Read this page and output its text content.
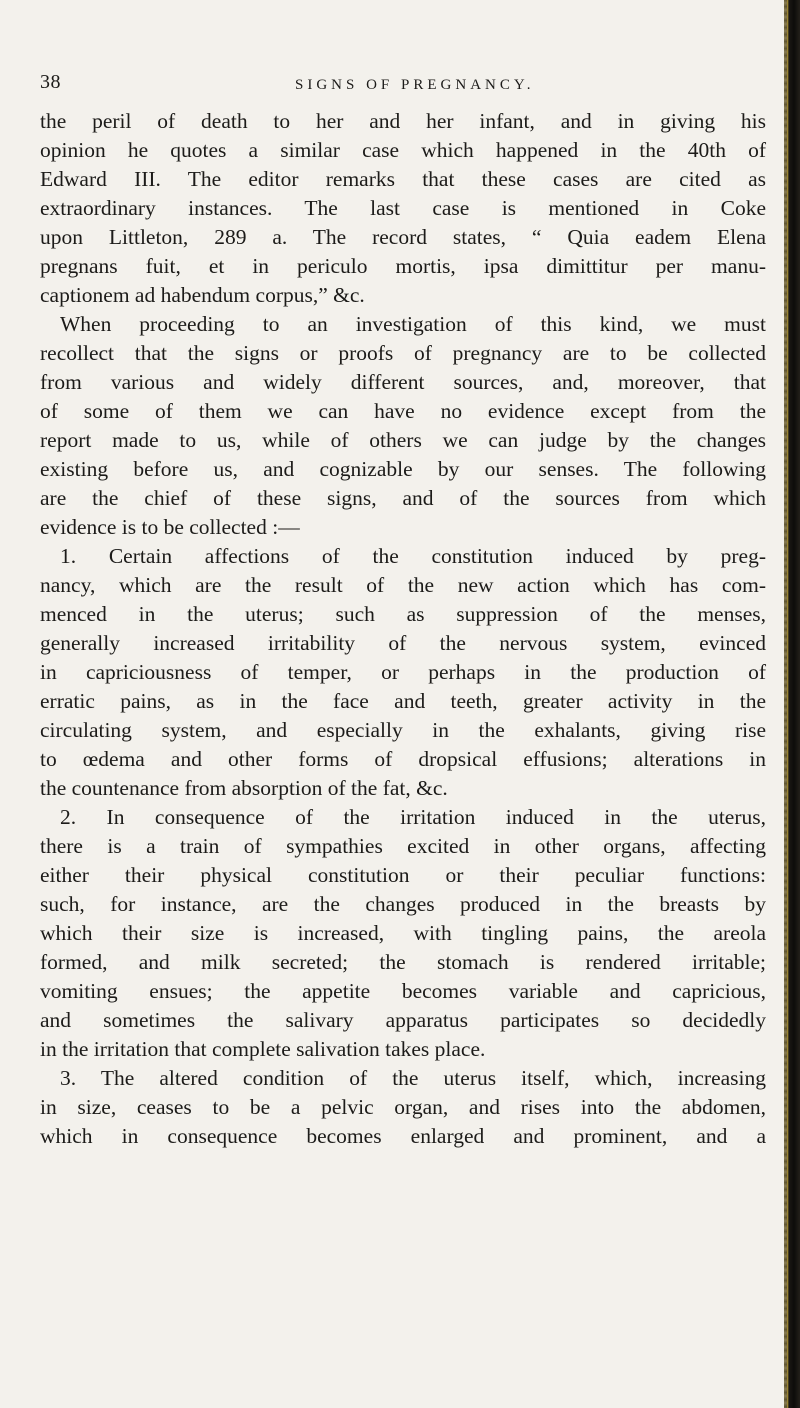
38	SIGNS OF PREGNANCY.
the peril of death to her and her infant, and in giving his
opinion he quotes a similar case which happened in the 40th of
Edward III. The editor remarks that these cases are cited as
extraordinary instances. The last case is mentioned in Coke
upon Littleton, 289 a. The record states, “ Quia eadem Elena
pregnans fuit, et in periculo mortis, ipsa dimittitur per manu-
captionem ad habendum corpus,” &c.
When proceeding to an investigation of this kind, we must
recollect that the signs or proofs of pregnancy are to be collected
from various and widely different sources, and, moreover, that
of some of them we can have no evidence except from the
report made to us, while of others we can judge by the changes
existing before us, and cognizable by our senses. The following
are the chief of these signs, and of the sources from which
evidence is to be collected :—
1. Certain affections of the constitution induced by preg-
nancy, which are the result of the new action which has com-
menced in the uterus; such as suppression of the menses,
generally increased irritability of the nervous system, evinced
in capriciousness of temper, or perhaps in the production of
erratic pains, as in the face and teeth, greater activity in the
circulating system, and especially in the exhalants, giving rise
to œdema and other forms of dropsical effusions; alterations in
the countenance from absorption of the fat, &c.
2. In consequence of the irritation induced in the uterus,
there is a train of sympathies excited in other organs, affecting
either their physical constitution or their peculiar functions:
such, for instance, are the changes produced in the breasts by
which their size is increased, with tingling pains, the areola
formed, and milk secreted; the stomach is rendered irritable;
vomiting ensues; the appetite becomes variable and capricious,
and sometimes the salivary apparatus participates so decidedly
in the irritation that complete salivation takes place.
3. The altered condition of the uterus itself, which, increasing
in size, ceases to be a pelvic organ, and rises into the abdomen,
which in consequence becomes enlarged and prominent, and a
